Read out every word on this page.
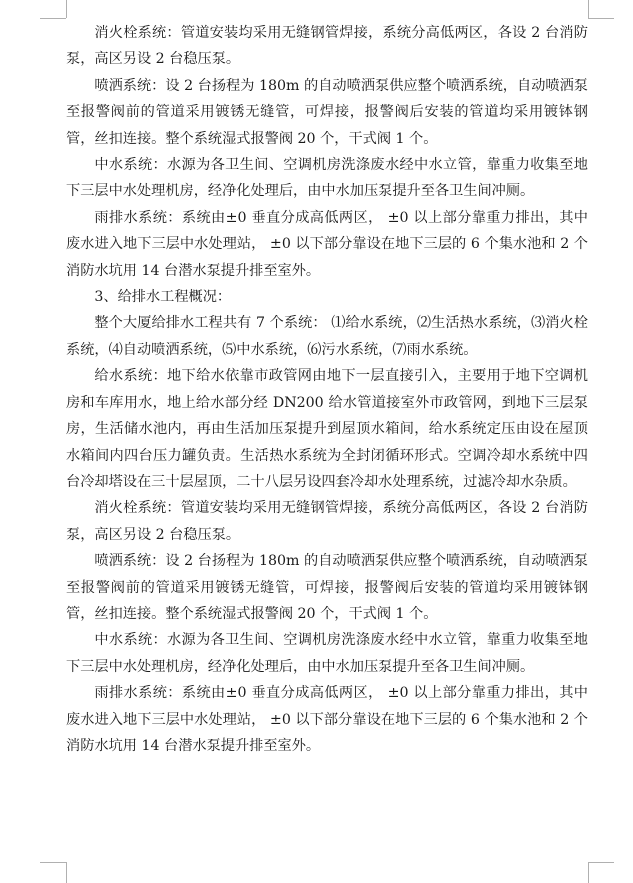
消火栓系统：管道安装均采用无缝钢管焊接，系统分高低两区，各设 2 台消防泵，高区另设 2 台稳压泵。

喷洒系统：设 2 台扬程为 180m 的自动喷洒泵供应整个喷洒系统，自动喷洒泵至报警阀前的管道采用镀锈无缝管，可焊接，报警阀后安装的管道均采用镀钵钢管，丝扣连接。整个系统湿式报警阀 20 个，干式阀 1 个。

中水系统：水源为各卫生间、空调机房洗涤废水经中水立管，靠重力收集至地下三层中水处理机房，经净化处理后，由中水加压泵提升至各卫生间冲厕。

雨排水系统：系统由±0 垂直分成高低两区， ±0 以上部分靠重力排出，其中废水进入地下三层中水处理站， ±0 以下部分靠设在地下三层的 6 个集水池和 2 个消防水坑用 14 台潜水泵提升排至室外。

3、给排水工程概况：

整个大厦给排水工程共有 7 个系统： ⑴给水系统，⑵生活热水系统，⑶消火栓系统，⑷自动喷洒系统，⑸中水系统，⑹污水系统，⑺雨水系统。

给水系统：地下给水依靠市政管网由地下一层直接引入，主要用于地下空调机房和车库用水，地上给水部分经 DN200 给水管道接室外市政管网，到地下三层泵房，生活储水池内，再由生活加压泵提升到屋顶水箱间，给水系统定压由设在屋顶水箱间内四台压力罐负责。生活热水系统为全封闭循环形式。空调冷却水系统中四台冷却塔设在三十层屋顶，二十八层另设四套冷却水处理系统，过滤冷却水杂质。

消火栓系统：管道安装均采用无缝钢管焊接，系统分高低两区，各设 2 台消防泵，高区另设 2 台稳压泵。

喷洒系统：设 2 台扬程为 180m 的自动喷洒泵供应整个喷洒系统，自动喷洒泵至报警阀前的管道采用镀锈无缝管，可焊接，报警阀后安装的管道均采用镀钵钢管，丝扣连接。整个系统湿式报警阀 20 个，干式阀 1 个。

中水系统：水源为各卫生间、空调机房洗涤废水经中水立管，靠重力收集至地下三层中水处理机房，经净化处理后，由中水加压泵提升至各卫生间冲厕。

雨排水系统：系统由±0 垂直分成高低两区， ±0 以上部分靠重力排出，其中废水进入地下三层中水处理站， ±0 以下部分靠设在地下三层的 6 个集水池和 2 个消防水坑用 14 台潜水泵提升排至室外。
